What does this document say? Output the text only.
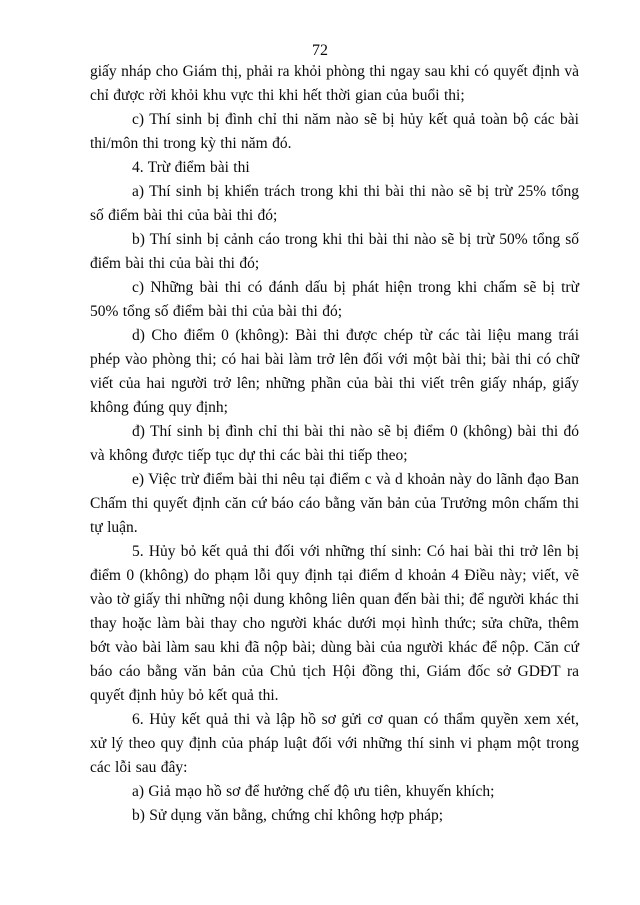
72

giấy nháp cho Giám thị, phải ra khỏi phòng thi ngay sau khi có quyết định và chỉ được rời khỏi khu vực thi khi hết thời gian của buổi thi;

c) Thí sinh bị đình chỉ thi năm nào sẽ bị hủy kết quả toàn bộ các bài thi/môn thi trong kỳ thi năm đó.

4. Trừ điểm bài thi

a) Thí sinh bị khiển trách trong khi thi bài thi nào sẽ bị trừ 25% tổng số điểm bài thi của bài thi đó;

b) Thí sinh bị cảnh cáo trong khi thi bài thi nào sẽ bị trừ 50% tổng số điểm bài thi của bài thi đó;

c) Những bài thi có đánh dấu bị phát hiện trong khi chấm sẽ bị trừ 50% tổng số điểm bài thi của bài thi đó;

d) Cho điểm 0 (không): Bài thi được chép từ các tài liệu mang trái phép vào phòng thi; có hai bài làm trở lên đối với một bài thi; bài thi có chữ viết của hai người trở lên; những phần của bài thi viết trên giấy nháp, giấy không đúng quy định;

đ) Thí sinh bị đình chỉ thi bài thi nào sẽ bị điểm 0 (không) bài thi đó và không được tiếp tục dự thi các bài thi tiếp theo;

e) Việc trừ điểm bài thi nêu tại điểm c và d khoản này do lãnh đạo Ban Chấm thi quyết định căn cứ báo cáo bằng văn bản của Trưởng môn chấm thi tự luận.

5. Hủy bỏ kết quả thi đối với những thí sinh: Có hai bài thi trở lên bị điểm 0 (không) do phạm lỗi quy định tại điểm d khoản 4 Điều này; viết, vẽ vào tờ giấy thi những nội dung không liên quan đến bài thi; để người khác thi thay hoặc làm bài thay cho người khác dưới mọi hình thức; sửa chữa, thêm bớt vào bài làm sau khi đã nộp bài; dùng bài của người khác để nộp. Căn cứ báo cáo bằng văn bản của Chủ tịch Hội đồng thi, Giám đốc sở GDĐT ra quyết định hủy bỏ kết quả thi.

6. Hủy kết quả thi và lập hồ sơ gửi cơ quan có thẩm quyền xem xét, xử lý theo quy định của pháp luật đối với những thí sinh vi phạm một trong các lỗi sau đây:

a) Giả mạo hồ sơ để hưởng chế độ ưu tiên, khuyến khích;

b) Sử dụng văn bằng, chứng chỉ không hợp pháp;
